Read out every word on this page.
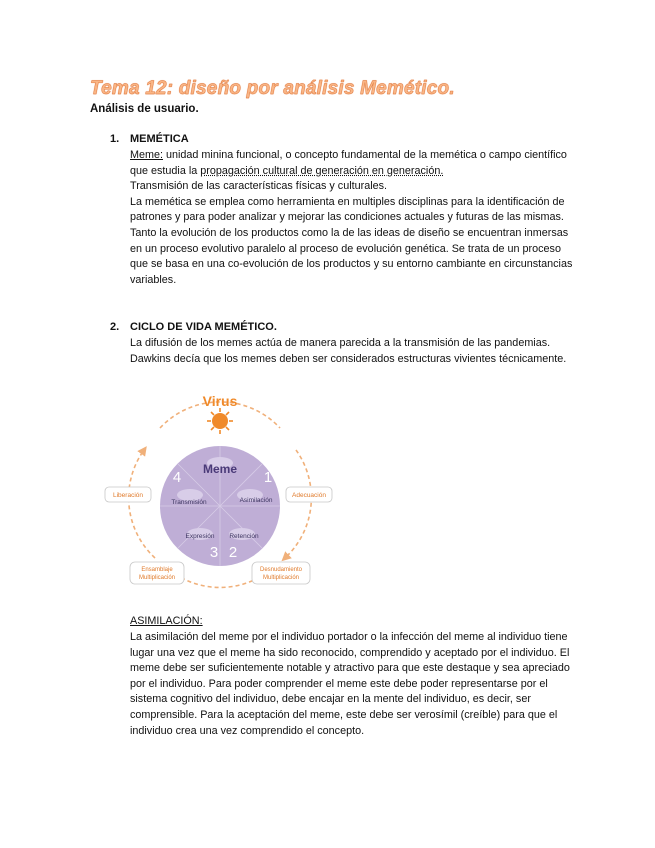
Tema 12: diseño por análisis Memético.
Análisis de usuario.
1. MEMÉTICA

Meme: unidad minina funcional, o concepto fundamental de la memética o campo científico que estudia la propagación cultural de generación en generación.

Transmisión de las características físicas y culturales.

La memética se emplea como herramienta en multiples disciplinas para la identificación de patrones y para poder analizar y mejorar las condiciones actuales y futuras de las mismas.

Tanto la evolución de los productos como la de las ideas de diseño se encuentran inmersas en un proceso evolutivo paralelo al proceso de evolución genética. Se trata de un proceso que se basa en una co-evolución de los productos y su entorno cambiante en circunstancias variables.

2. CICLO DE VIDA MEMÉTICO.

La difusión de los memes actúa de manera parecida a la transmisión de las pandemias. Dawkins decía que los memes deben ser considerados estructuras vivientes técnicamente.

Virus
Meme
4	1
3 2
Transmisión	Asimilación
Expresión Retención
Liberación	Adecuación
Ensamblaje
Multiplicación
Desnudamiento
Multiplicación

ASIMILACIÓN:

La asimilación del meme por el individuo portador o la infección del meme al individuo tiene lugar una vez que el meme ha sido reconocido, comprendido y aceptado por el individuo. El meme debe ser suficientemente notable y atractivo para que este destaque y sea apreciado por el individuo. Para poder comprender el meme este debe poder representarse por el sistema cognitivo del individuo, debe encajar en la mente del individuo, es decir, ser comprensible. Para la aceptación del meme, este debe ser verosímil (creíble) para que el individuo crea una vez comprendido el concepto.
